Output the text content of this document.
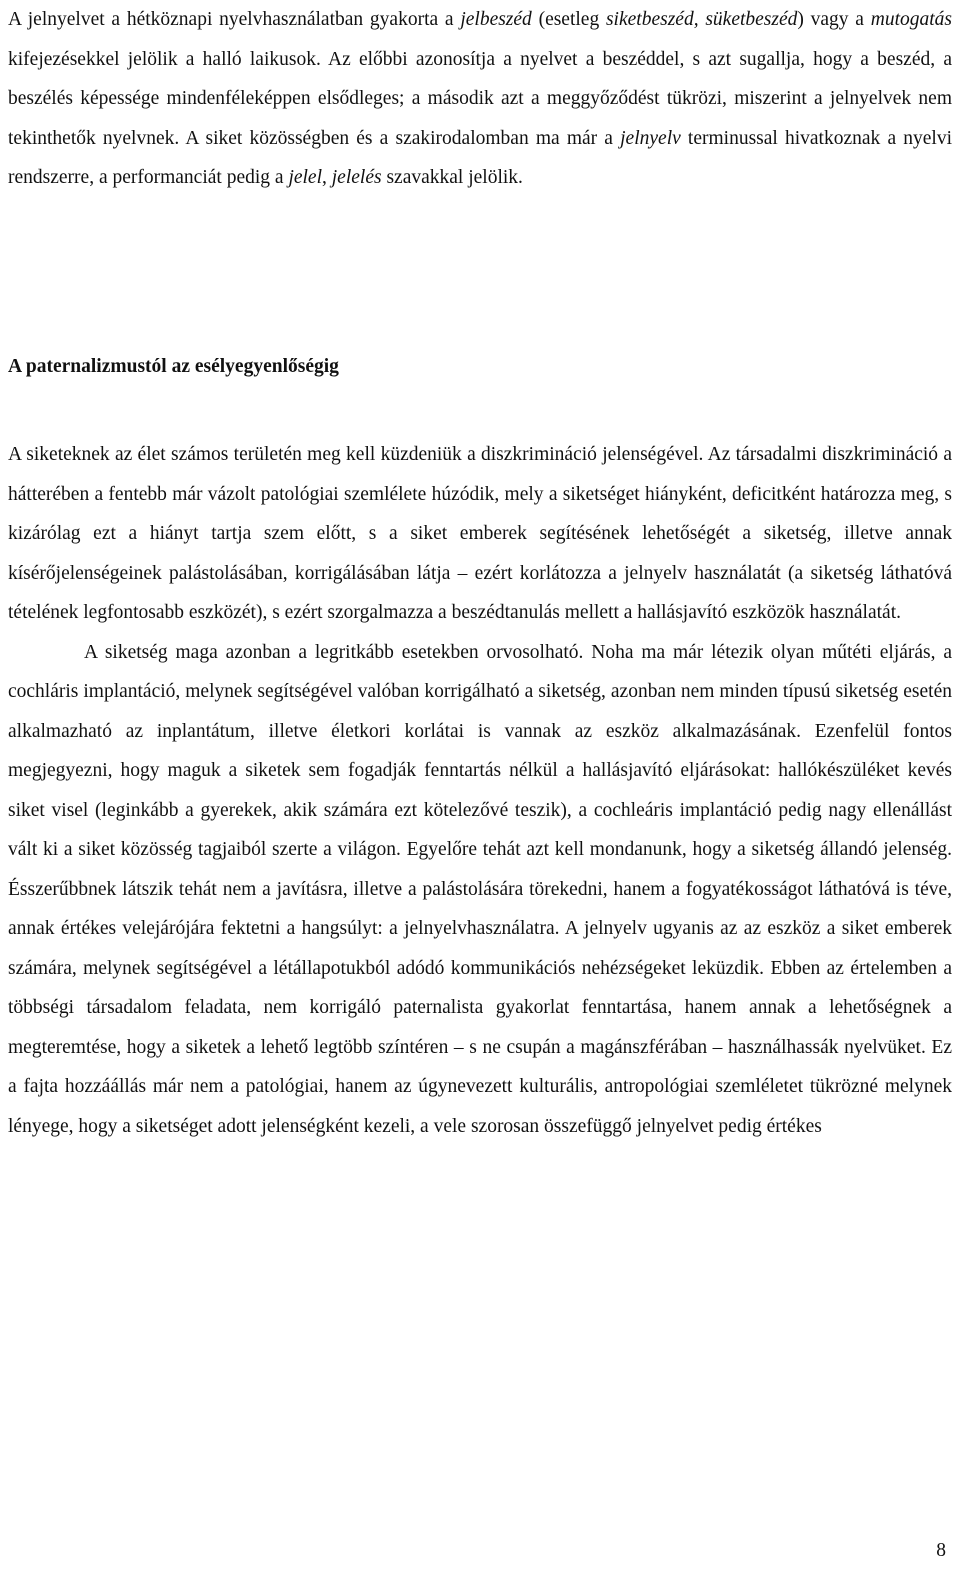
A jelnyelvet a hétköznapi nyelvhasználatban gyakorta a jelbeszéd (esetleg siketbeszéd, süketbeszéd) vagy a mutogatás kifejezésekkel jelölik a halló laikusok. Az előbbi azonosítja a nyelvet a beszéddel, s azt sugallja, hogy a beszéd, a beszélés képessége mindenféleképpen elsődleges; a második azt a meggyőződést tükrözi, miszerint a jelnyelvek nem tekinthetők nyelvnek. A siket közösségben és a szakirodalomban ma már a jelnyelv terminussal hivatkoznak a nyelvi rendszerre, a performanciát pedig a jelel, jelelés szavakkal jelölik.

A paternalizmustól az esélyegyenlőségig
A siketeknek az élet számos területén meg kell küzdeniük a diszkrimináció jelenségével. Az társadalmi diszkrimináció a hátterében a fentebb már vázolt patológiai szemlélete húzódik, mely a siketséget hiányként, deficitként határozza meg, s kizárólag ezt a hiányt tartja szem előtt, s a siket emberek segítésének lehetőségét a siketség, illetve annak kísérőjelenségeinek palástolásában, korrigálásában látja – ezért korlátozza a jelnyelv használatát (a siketség láthatóvá tételének legfontosabb eszközét), s ezért szorgalmazza a beszédtanulás mellett a hallásjavító eszközök használatát.
A siketség maga azonban a legritkább esetekben orvosolható. Noha ma már létezik olyan műtéti eljárás, a cochláris implantáció, melynek segítségével valóban korrigálható a siketség, azonban nem minden típusú siketség esetén alkalmazható az inplantátum, illetve életkori korlátai is vannak az eszköz alkalmazásának. Ezenfelül fontos megjegyezni, hogy maguk a siketek sem fogadják fenntartás nélkül a hallásjavító eljárásokat: hallókészüléket kevés siket visel (leginkább a gyerekek, akik számára ezt kötelezővé teszik), a cochleáris implantáció pedig nagy ellenállást vált ki a siket közösség tagjaiból szerte a világon. Egyelőre tehát azt kell mondanunk, hogy a siketség állandó jelenség. Ésszerűbbnek látszik tehát nem a javításra, illetve a palástolására törekedni, hanem a fogyatékosságot láthatóvá is téve, annak értékes velejárójára fektetni a hangsúlyt: a jelnyelvhasználatra. A jelnyelv ugyanis az az eszköz a siket emberek számára, melynek segítségével a létállapotukból adódó kommunikációs nehézségeket leküzdik. Ebben az értelemben a többségi társadalom feladata, nem korrigáló paternalista gyakorlat fenntartása, hanem annak a lehetőségnek a megteremtése, hogy a siketek a lehető legtöbb színtéren – s ne csupán a magánszférában – használhassák nyelvüket. Ez a fajta hozzáállás már nem a patológiai, hanem az úgynevezett kulturális, antropológiai szemléletet tükrözné melynek lényege, hogy a siketséget adott jelenségként kezeli, a vele szorosan összefüggő jelnyelvet pedig értékes
8
